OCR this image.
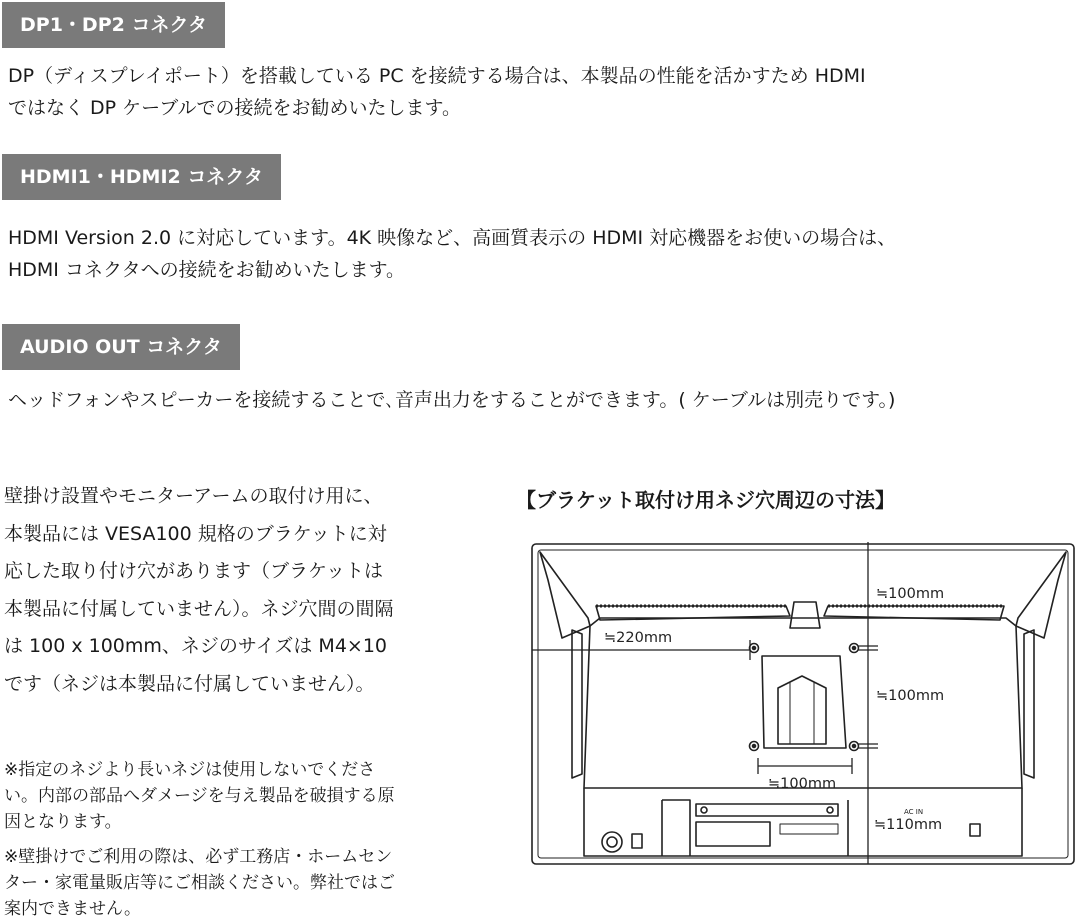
DP1・DP2 コネクタ
DP（ディスプレイポート）を搭載している PC を接続する場合は、本製品の性能を活かすため HDMI
ではなく DP ケーブルでの接続をお勧めいたします。
HDMI1・HDMI2 コネクタ
HDMI Version 2.0 に対応しています。4K 映像など、高画質表示の HDMI 対応機器をお使いの場合は、
HDMI コネクタへの接続をお勧めいたします。
AUDIO OUT コネクタ
ヘッドフォンやスピーカーを接続することで､音声出力をすることができます。( ケーブルは別売りです。)
壁掛け設置やモニターアームの取付け用に、
本製品には VESA100 規格のブラケットに対
応した取り付け穴があります（ブラケットは
本製品に付属していません）。ネジ穴間の間隔
は 100 x 100mm、ネジのサイズは M4×10
です（ネジは本製品に付属していません）。
※指定のネジより長いネジは使用しないでくださ
い。内部の部品へダメージを与え製品を破損する原
因となります。
※壁掛けでご利用の際は、必ず工務店・ホームセン
ター・家電量販店等にご相談ください。弊社ではご
案内できません。
【ブラケット取付け用ネジ穴周辺の寸法】
AC IN
≒100mm
≒220mm
≒100mm
≒100mm
≒110mm
